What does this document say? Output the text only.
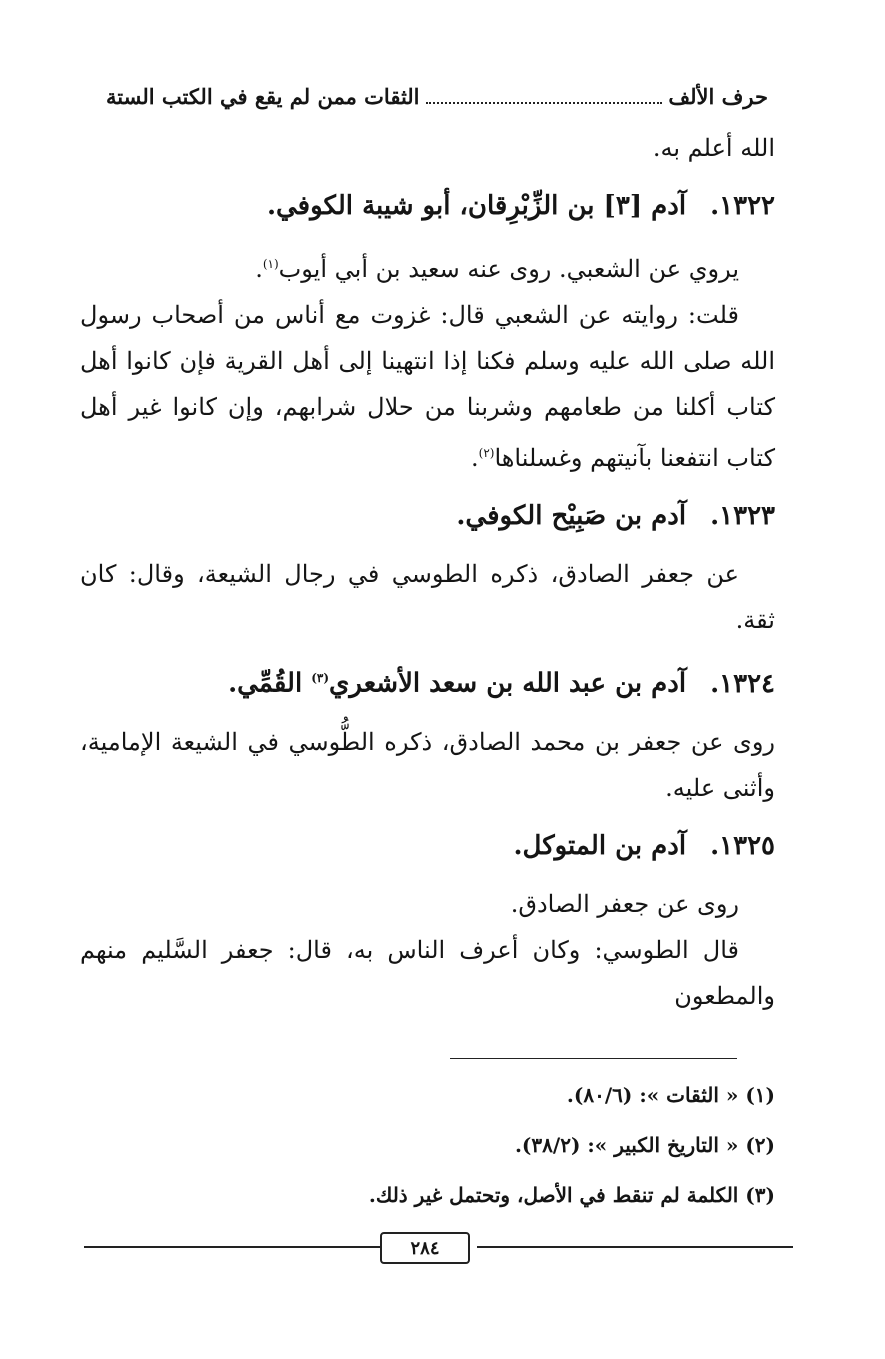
حرف الألف
الثقات ممن لم يقع في الكتب الستة

الله أعلم به.

١٣٢٢.آدم [٣] بن الزِّبْرِقان، أبو شيبة الكوفي.

يروي عن الشعبي. روى عنه سعيد بن أبي أيوب$^{(١)}$.

قلت: روايته عن الشعبي قال: غزوت مع أناس من أصحاب رسول الله صلى الله عليه وسلم فكنا إذا انتهينا إلى أهل القرية فإن كانوا أهل كتاب أكلنا من طعامهم وشربنا من حلال شرابهم، وإن كانوا غير أهل كتاب انتفعنا بآنيتهم وغسلناها$^{(٢)}$.

١٣٢٣.آدم بن صَبِيْح الكوفي.

عن جعفر الصادق، ذكره الطوسي في رجال الشيعة، وقال: كان ثقة.

١٣٢٤.آدم بن عبد الله بن سعد الأشعري$^{(٣)}$ القُمِّي.

روى عن جعفر بن محمد الصادق، ذكره الطُّوسي في الشيعة الإمامية، وأثنى عليه.

١٣٢٥.آدم بن المتوكل.

روى عن جعفر الصادق.

قال الطوسي: وكان أعرف الناس به، قال: جعفر السَّليم منهم والمطعون

(١) « الثقات »: (٨٠/٦).
(٢) « التاريخ الكبير »: (٣٨/٢).
(٣) الكلمة لم تنقط في الأصل، وتحتمل غير ذلك.
٢٨٤
